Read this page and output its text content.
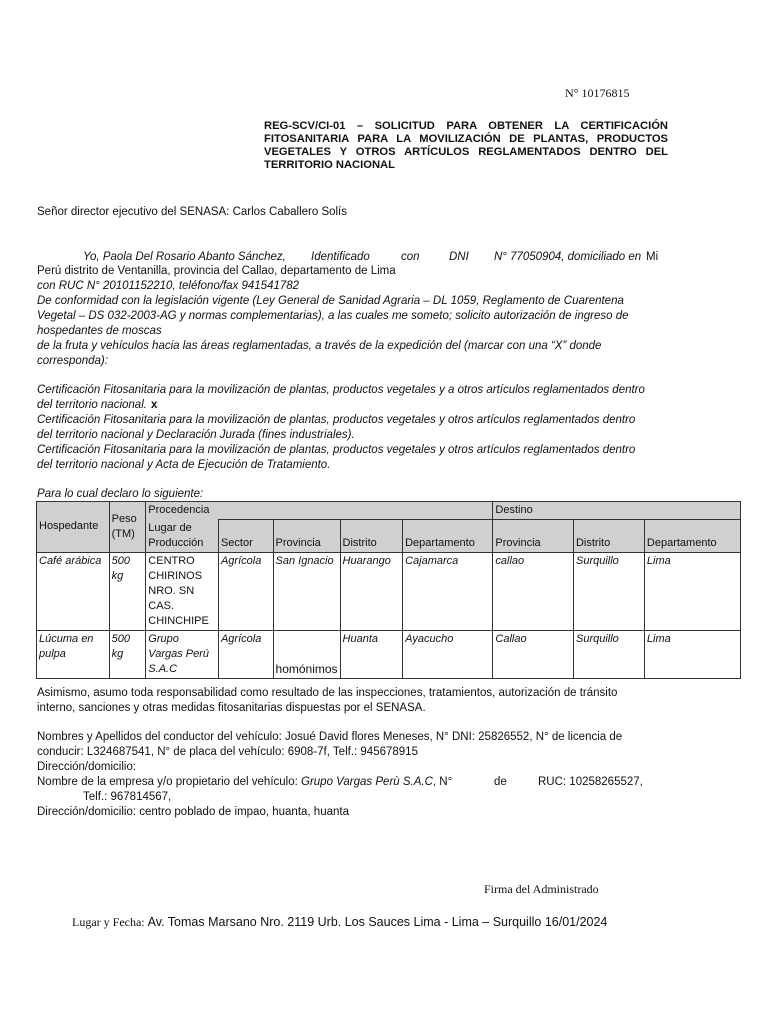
N° 10176815
REG-SCV/CI-01 – SOLICITUD PARA OBTENER LA CERTIFICACIÓN FITOSANITARIA PARA LA MOVILIZACIÓN DE PLANTAS, PRODUCTOS VEGETALES Y OTROS ARTÍCULOS REGLAMENTADOS DENTRO DEL TERRITORIO NACIONAL
Señor director ejecutivo del SENASA: Carlos Caballero Solís
Yo, Paola Del Rosario Abanto Sánchez, Identificado	con	DNI N° 77050904, domiciliado en Mi
Perú distrito de Ventanilla, provincia del Callao, departamento de Lima
con RUC N° 20101152210, teléfono/fax 941541782
De conformidad con la legislación vigente (Ley General de Sanidad Agraria – DL 1059, Reglamento de Cuarentena
Vegetal – DS 032-2003-AG y normas complementarias), a las cuales me someto; solicito autorización de ingreso de
hospedantes de moscas
de la fruta y vehículos hacia las áreas reglamentadas, a través de la expedición del (marcar con una “X” donde
corresponda):
Certificación Fitosanitaria para la movilización de plantas, productos vegetales y a otros artículos reglamentados dentro
del territorio nacional. x
Certificación Fitosanitaria para la movilización de plantas, productos vegetales y otros artículos reglamentados dentro
del territorio nacional y Declaración Jurada (fines industriales).
Certificación Fitosanitaria para la movilización de plantas, productos vegetales y otros artículos reglamentados dentro
del territorio nacional y Acta de Ejecución de Tratamiento.
Para lo cual declaro lo siguiente:
Hospedante	Peso (TM)	Procedencia					Destino		
		Lugar de Producción	Sector	Provincia	Distrito	Departamento	Provincia	Distrito	Departamento
Café arábica	500 kg	CENTRO CHIRINOS NRO. SN CAS. CHINCHIPE	Agrícola	San Ignacio	Huarango	Cajamarca	callao	Surquillo	Lima
Lúcuma en pulpa	500 kg	Grupo Vargas Perú S.A.C	Agrícola	homónimos	Huanta	Ayacucho	Callao	Surquillo	Lima
Asimismo, asumo toda responsabilidad como resultado de las inspecciones, tratamientos, autorización de tránsito
interno, sanciones y otras medidas fitosanitarias dispuestas por el SENASA.
Nombres y Apellidos del conductor del vehículo: Josué David flores Meneses, N° DNI: 25826552, N° de licencia de
conducir: L324687541, N° de placa del vehículo: 6908-7f, Telf.: 945678915
Dirección/domicilio:
Nombre de la empresa y/o propietario del vehículo: Grupo Vargas Perù S.A.C, N°	de	RUC: 10258265527,
Telf.: 967814567,
Dirección/domicilio: centro poblado de impao, huanta, huanta
Firma del Administrado
Lugar y Fecha: Av. Tomas Marsano Nro. 2119 Urb. Los Sauces Lima - Lima – Surquillo 16/01/2024
